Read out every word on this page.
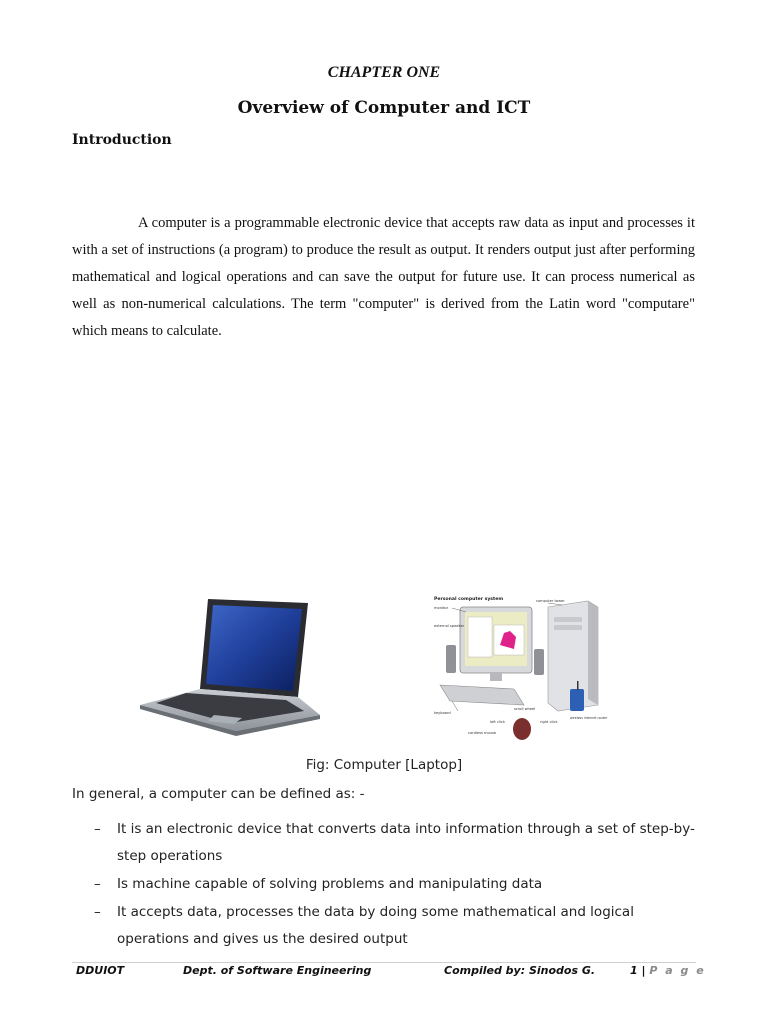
CHAPTER ONE
Overview of Computer and ICT
Introduction
A computer is a programmable electronic device that accepts raw data as input and processes it with a set of instructions (a program) to produce the result as output. It renders output just after performing mathematical and logical operations and can save the output for future use. It can process numerical as well as non-numerical calculations. The term "computer" is derived from the Latin word "computare" which means to calculate.
Personal computer system
monitor
external speaker
computer tower
keyboard
scroll wheel
left click	right click
cordless mouse
wireless internet router
Fig: Computer [Laptop]
In general, a computer can be defined as: -
– It is an electronic device that converts data into information through a set of step-by-step operations
– Is machine capable of solving problems and manipulating data
– It accepts data, processes the data by doing some mathematical and logical operations and gives us the desired output
DDUIOT	Dept. of Software Engineering	Compiled by: Sinodos G.	1 | P a g e
